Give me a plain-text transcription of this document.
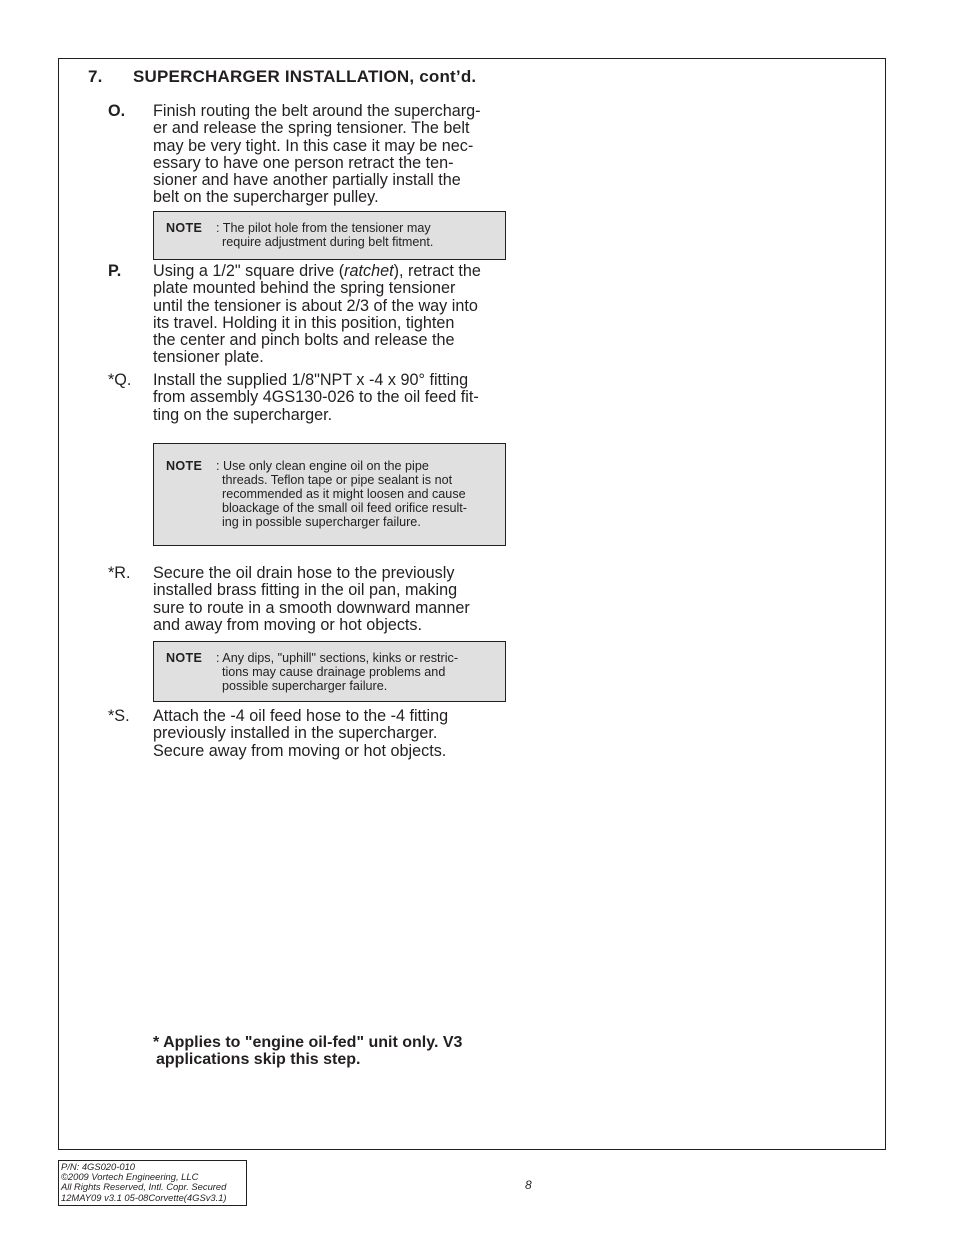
7. SUPERCHARGER INSTALLATION, cont’d.
O. Finish routing the belt around the supercharg-
er and release the spring tensioner. The belt
may be very tight. In this case it may be nec-
essary to have one person retract the ten-
sioner and have another partially install the
belt on the supercharger pulley.
NOTE : The pilot hole from the tensioner may
require adjustment during belt fitment.
P. Using a 1/2" square drive (ratchet), retract the
plate mounted behind the spring tensioner
until the tensioner is about 2/3 of the way into
its travel. Holding it in this position, tighten
the center and pinch bolts and release the
tensioner plate.
*Q. Install the supplied 1/8"NPT x -4 x 90° fitting
from assembly 4GS130-026 to the oil feed fit-
ting on the supercharger.
NOTE : Use only clean engine oil on the pipe
threads. Teflon tape or pipe sealant is not
recommended as it might loosen and cause
bloackage of the small oil feed orifice result-
ing in possible supercharger failure.
*R. Secure the oil drain hose to the previously
installed brass fitting in the oil pan, making
sure to route in a smooth downward manner
and away from moving or hot objects.
NOTE : Any dips, "uphill" sections, kinks or restric-
tions may cause drainage problems and
possible supercharger failure.
*S. Attach the -4 oil feed hose to the -4 fitting
previously installed in the supercharger.
Secure away from moving or hot objects.
* Applies to "engine oil-fed" unit only. V3
applications skip this step.
P/N: 4GS020-010
©2009 Vortech Engineering, LLC
All Rights Reserved, Intl. Copr. Secured
12MAY09 v3.1 05-08Corvette(4GSv3.1)
8
